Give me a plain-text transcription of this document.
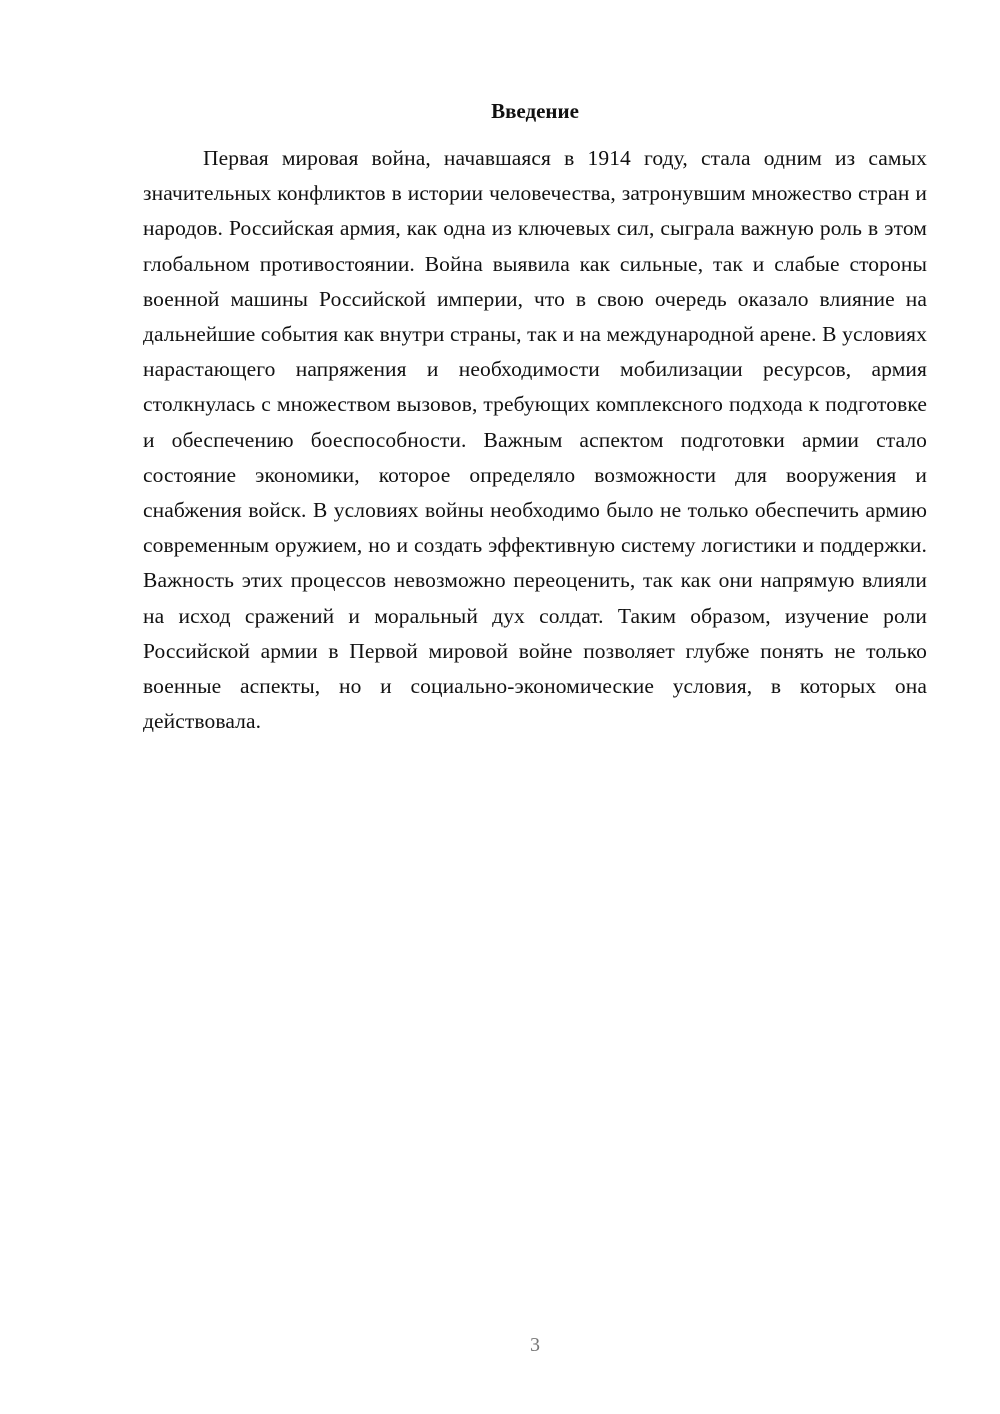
Введение

Первая мировая война, начавшаяся в 1914 году, стала одним из самых значительных конфликтов в истории человечества, затронувшим множество стран и народов. Российская армия, как одна из ключевых сил, сыграла важную роль в этом глобальном противостоянии. Война выявила как сильные, так и слабые стороны военной машины Российской империи, что в свою очередь оказало влияние на дальнейшие события как внутри страны, так и на международной арене. В условиях нарастающего напряжения и необходимости мобилизации ресурсов, армия столкнулась с множеством вызовов, требующих комплексного подхода к подготовке и обеспечению боеспособности. Важным аспектом подготовки армии стало состояние экономики, которое определяло возможности для вооружения и снабжения войск. В условиях войны необходимо было не только обеспечить армию современным оружием, но и создать эффективную систему логистики и поддержки. Важность этих процессов невозможно переоценить, так как они напрямую влияли на исход сражений и моральный дух солдат. Таким образом, изучение роли Российской армии в Первой мировой войне позволяет глубже понять не только военные аспекты, но и социально-экономические условия, в которых она действовала.

3
